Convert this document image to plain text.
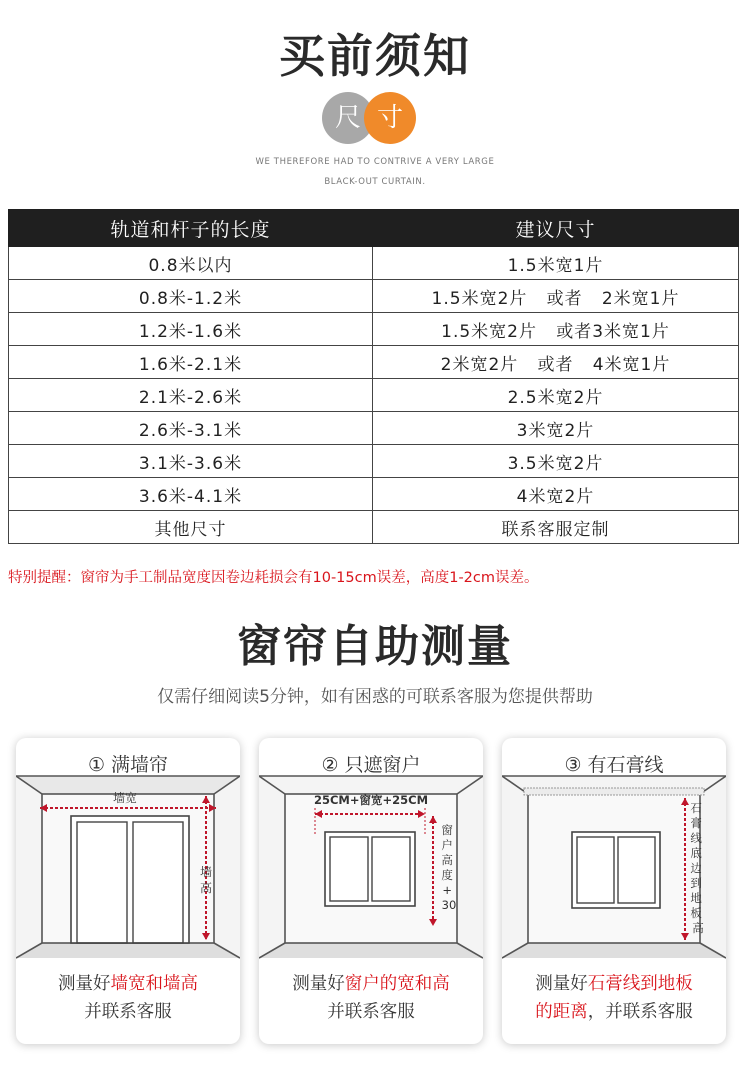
买前须知
尺 寸
WE THEREFORE HAD TO CONTRIVE A VERY LARGE
BLACK-OUT CURTAIN.
轨道和杆子的长度	建议尺寸
0.8米以内	1.5米宽1片
0.8米-1.2米	1.5米宽2片   或者   2米宽1片
1.2米-1.6米	1.5米宽2片   或者3米宽1片
1.6米-2.1米	2米宽2片   或者   4米宽1片
2.1米-2.6米	2.5米宽2片
2.6米-3.1米	3米宽2片
3.1米-3.6米	3.5米宽2片
3.6米-4.1米	4米宽2片
其他尺寸	联系客服定制
特别提醒：窗帘为手工制品宽度因卷边耗损会有10-15cm误差，高度1-2cm误差。
窗帘自助测量
仅需仔细阅读5分钟，如有困惑的可联系客服为您提供帮助
① 满墙帘
墙宽
墙高
测量好墙宽和墙高
并联系客服
② 只遮窗户
25CM+窗宽+25CM
窗 户 高 度 + 30
测量好窗户的宽和高
并联系客服
③ 有石膏线
石 膏 线 底 边 到 地 板 高
测量好石膏线到地板
的距离，并联系客服
